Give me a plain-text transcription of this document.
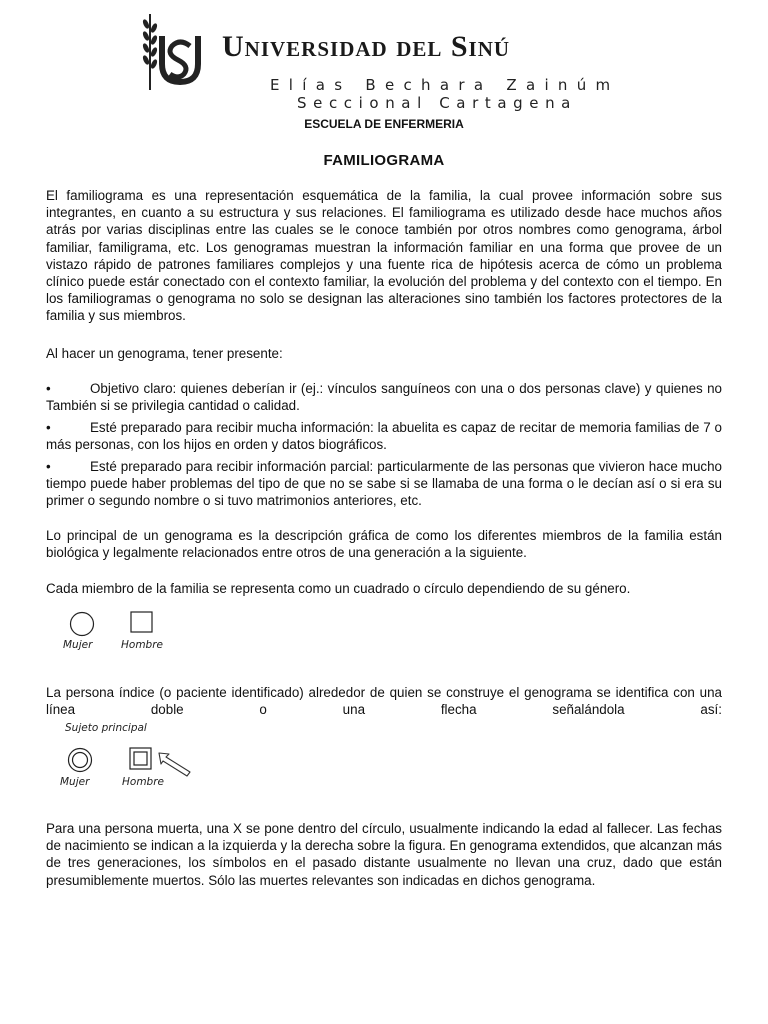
Universidad del Sinú
Elías Bechara Zainúm
Seccional Cartagena
ESCUELA DE ENFERMERIA
FAMILIOGRAMA

El familiograma es una representación esquemática de la familia, la cual provee información sobre sus integrantes, en cuanto a su estructura y sus relaciones. El familiograma es utilizado desde hace muchos años atrás por varias disciplinas entre las cuales se le conoce también por otros nombres como genograma, árbol familiar, familigrama, etc. Los genogramas muestran la información familiar en una forma que provee de un vistazo rápido de patrones familiares complejos y una fuente rica de hipótesis acerca de cómo un problema clínico puede estár conectado con el contexto familiar, la evolución del problema y del contexto con el tiempo. En los familiogramas o genograma no solo se designan las alteraciones sino también los factores protectores de la familia y sus miembros.

Al hacer un genograma, tener presente:

•	Objetivo claro: quienes deberían ir (ej.: vínculos sanguíneos con una o dos personas clave) y quienes no También si se privilegia cantidad o calidad.

•	Esté preparado para recibir mucha información: la abuelita es capaz de recitar de memoria familias de 7 o más personas, con los hijos en orden y datos biográficos.

•	Esté preparado para recibir información parcial: particularmente de las personas que vivieron hace mucho tiempo puede haber problemas del tipo de que no se sabe si se llamaba de una forma o le decían así o si era su primer o segundo nombre o si tuvo matrimonios anteriores, etc.

Lo principal de un genograma es la descripción gráfica de como los diferentes miembros de la familia están biológica y legalmente relacionados entre otros de una generación a la siguiente.

Cada miembro de la familia se representa como un cuadrado o círculo dependiendo de su género.

Mujer	Hombre

La persona índice (o paciente identificado) alrededor de quien se construye el genograma se identifica con una línea doble o una flecha señalándola así:

Sujeto principal
Mujer	Hombre

Para una persona muerta, una X se pone dentro del círculo, usualmente indicando la edad al fallecer. Las fechas de nacimiento se indican a la izquierda y la derecha sobre la figura. En genograma extendidos, que alcanzan más de tres generaciones, los símbolos en el pasado distante usualmente no llevan una cruz, dado que están presumiblemente muertos. Sólo las muertes relevantes son indicadas en dichos genograma.
